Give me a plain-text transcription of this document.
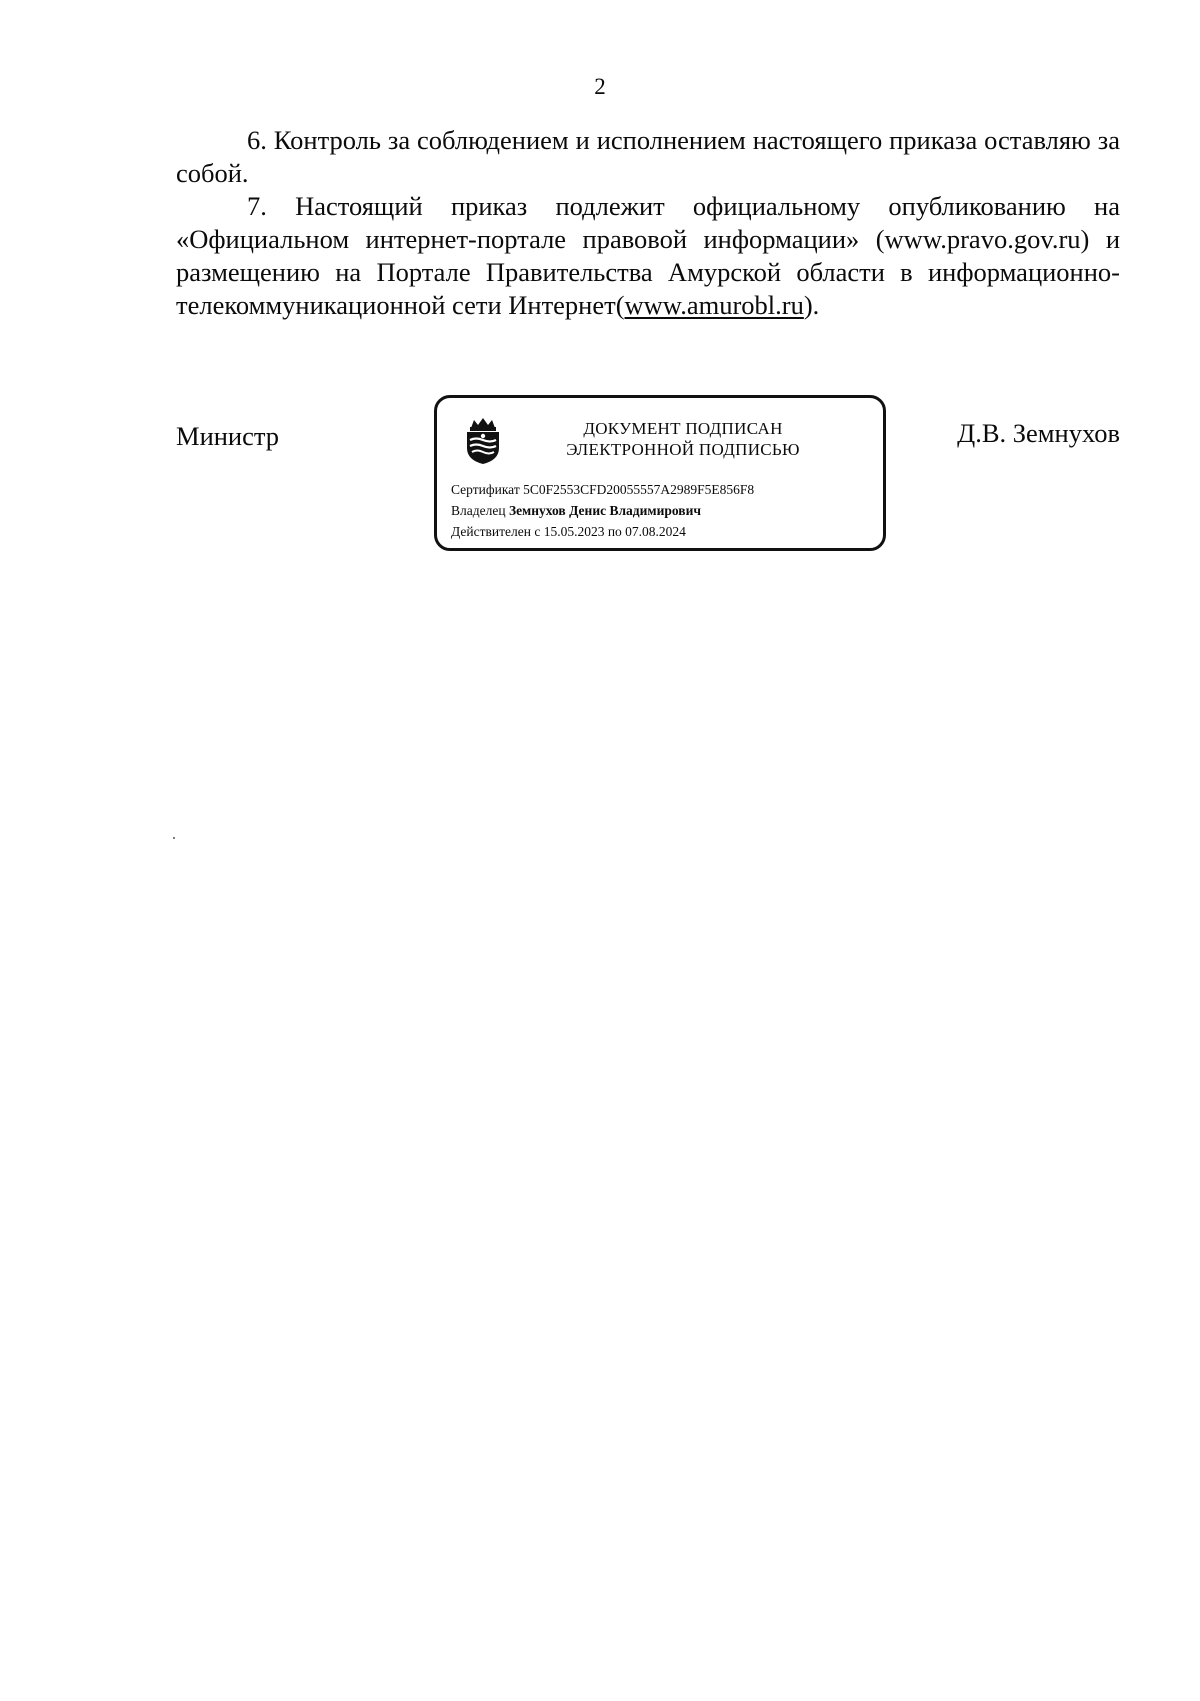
2

6. Контроль за соблюдением и исполнением настоящего приказа оставляю за собой.

7. Настоящий приказ подлежит официальному опубликованию на «Официальном интернет-портале правовой информации» (www.pravo.gov.ru) и размещению на Портале Правительства Амурской области в информационно-телекоммуникационной сети Интернет(www.amurobl.ru).

Министр	ДОКУМЕНТ ПОДПИСАН
ЭЛЕКТРОННОЙ ПОДПИСЬЮ
Сертификат 5C0F2553CFD20055557A2989F5E856F8
Владелец Земнухов Денис Владимирович
Действителен с 15.05.2023 по 07.08.2024
Д.В. Земнухов
